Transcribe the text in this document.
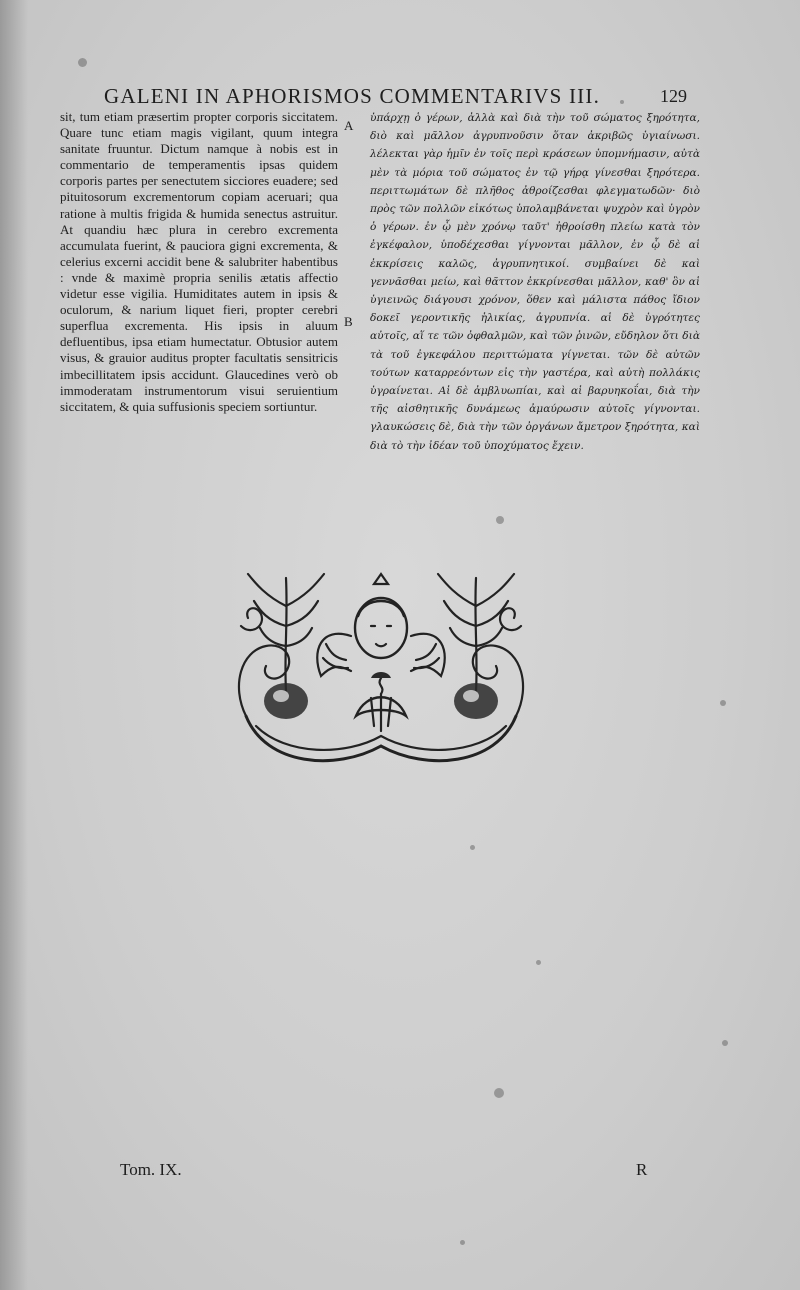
GALENI IN APHORISMOS COMMENTARIVS III.	129
sit, tum etiam præsertim propter corporis siccitatem. Quare tunc etiam magis vigilant, quum integra sanitate fruuntur. Dictum namque à nobis est in commentario de temperamentis ipsas quidem corporis partes per senectutem sicciores euadere; sed pituitosorum excrementorum copiam aceruari; qua ratione à multis frigida & humida senectus astruitur. At quandiu hæc plura in cerebro excrementa accumulata fuerint, & pauciora gigni excrementa, & celerius excerni accidit bene & salubriter habentibus : vnde & maximè propria senilis ætatis affectio videtur esse vigilia. Humiditates autem in ipsis & oculorum, & narium liquet fieri, propter cerebri superflua excrementa. His ipsis in aluum defluentibus, ipsa etiam humectatur. Obtusior autem visus, & grauior auditus propter facultatis sensitricis imbecillitatem ipsis accidunt. Glaucedines verò ob immoderatam instrumentorum visui seruientium siccitatem, & quia suffusionis speciem sortiuntur.
A
B
ὑπάρχῃ ὁ γέρων, ἀλλὰ καὶ διὰ τὴν τοῦ σώματος ξηρότητα, διὸ καὶ μᾶλλον ἀγρυπνοῦσιν ὅταν ἀκριβῶς ὑγιαίνωσι. λέλεκται γὰρ ἡμῖν ἐν τοῖς περὶ κράσεων ὑπομνήμασιν, αὐτὰ μὲν τὰ μόρια τοῦ σώματος ἐν τῷ γήρᾳ γίνεσθαι ξηρότερα. περιττωμάτων δὲ πλῆθος ἀθροίζεσθαι φλεγματωδῶν· διὸ πρὸς τῶν πολλῶν εἰκότως ὑπολαμβάνεται ψυχρὸν καὶ ὑγρὸν ὁ γέρων. ἐν ᾧ μὲν χρόνῳ ταῦτ' ἠθροίσθη πλείω κατὰ τὸν ἐγκέφαλον, ὑποδέχεσθαι γίγνονται μᾶλλον, ἐν ᾧ δὲ αἱ ἐκκρίσεις καλῶς, ἀγρυπνητικοί. συμβαίνει δὲ καὶ γεννᾶσθαι μείω, καὶ θᾶττον ἐκκρίνεσθαι μᾶλλον, καθ' ὃν αἱ ὑγιεινῶς διάγουσι χρόνον, ὅθεν καὶ μάλιστα πάθος ἴδιον δοκεῖ γεροντικῆς ἡλικίας, ἀγρυπνία. αἱ δὲ ὑγρότητες αὐτοῖς, αἵ τε τῶν ὀφθαλμῶν, καὶ τῶν ῥινῶν, εὔδηλον ὅτι διὰ τὰ τοῦ ἐγκεφάλου περιττώματα γίγνεται. τῶν δὲ αὐτῶν τούτων καταρρεόντων εἰς τὴν γαστέρα, καὶ αὐτὴ πολλάκις ὑγραίνεται. Αἱ δὲ ἀμβλυωπίαι, καὶ αἱ βαρυηκοΐαι, διὰ τὴν τῆς αἰσθητικῆς δυνάμεως ἀμαύρωσιν αὐτοῖς γίγνονται. γλαυκώσεις δὲ, διὰ τὴν τῶν ὀργάνων ἄμετρον ξηρότητα, καὶ διὰ τὸ τὴν ἰδέαν τοῦ ὑποχύματος ἔχειν.
Tom. IX.	R
